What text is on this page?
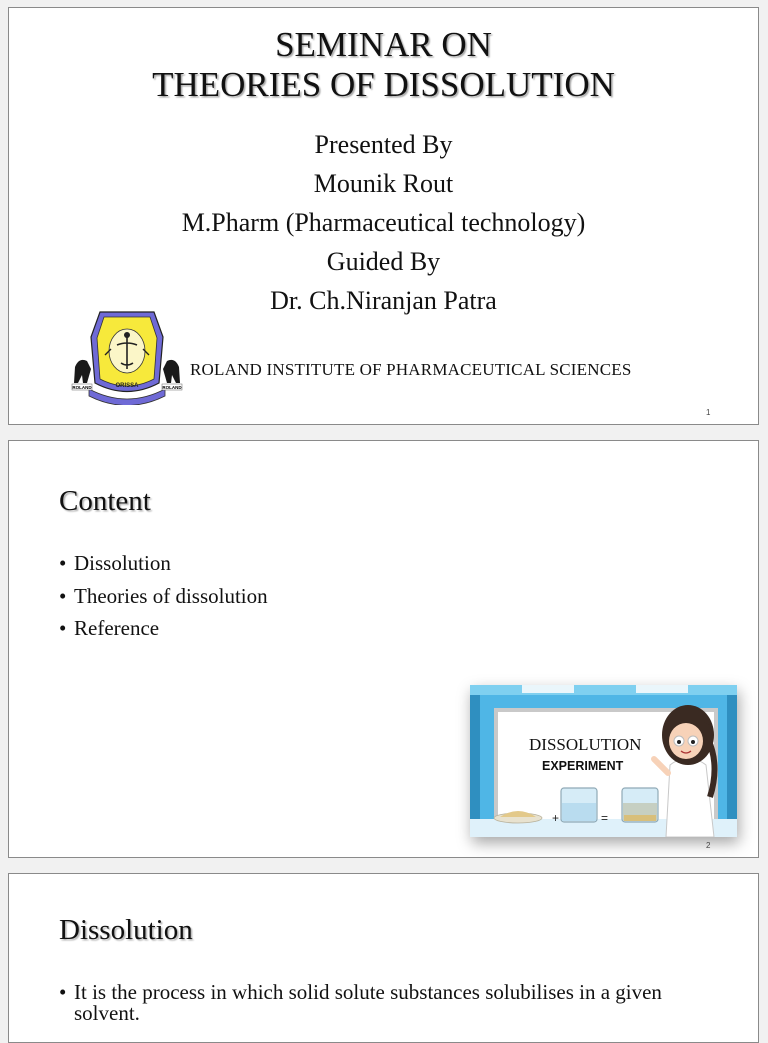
SEMINAR ON
THEORIES OF DISSOLUTION
Presented By
Mounik Rout
M.Pharm (Pharmaceutical technology)
Guided By
Dr. Ch.Niranjan Patra
ROLAND	ROLAND
ORISSA
ROLAND INSTITUTE OF PHARMACEUTICAL SCIENCES
1
Content
• Dissolution
• Theories of dissolution
• Reference
+	=
DISSOLUTION
EXPERIMENT
2
Dissolution
• It is the process in which solid solute substances solubilises in a given
solvent.
